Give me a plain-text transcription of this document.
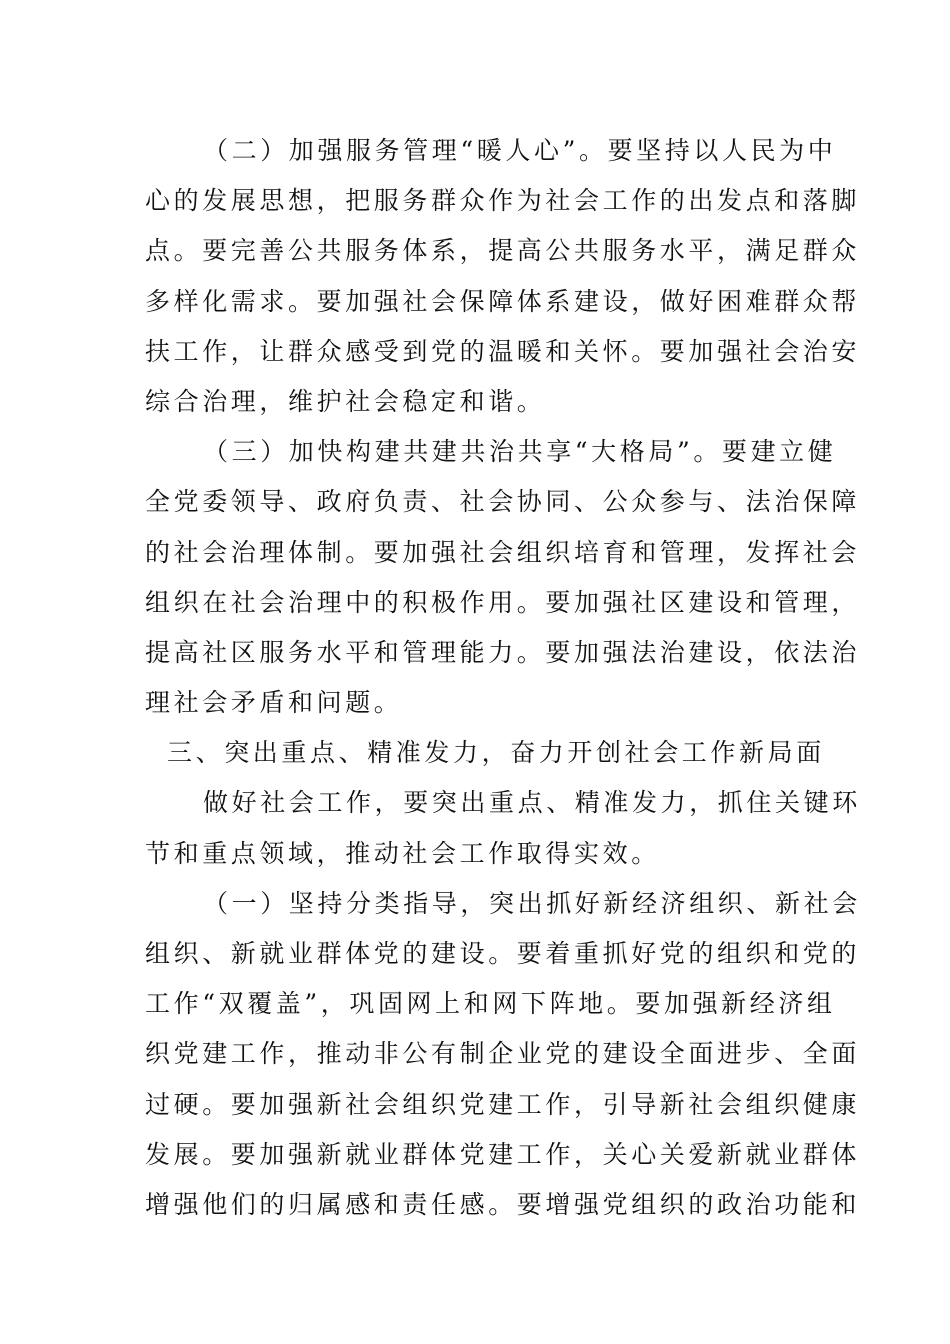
（二）加强服务管理“暖人心”。要坚持以人民为中
心的发展思想，把服务群众作为社会工作的出发点和落脚
点。要完善公共服务体系，提高公共服务水平，满足群众
多样化需求。要加强社会保障体系建设，做好困难群众帮
扶工作，让群众感受到党的温暖和关怀。要加强社会治安
综合治理，维护社会稳定和谐。
（三）加快构建共建共治共享“大格局”。要建立健
全党委领导、政府负责、社会协同、公众参与、法治保障
的社会治理体制。要加强社会组织培育和管理，发挥社会
组织在社会治理中的积极作用。要加强社区建设和管理，
提高社区服务水平和管理能力。要加强法治建设，依法治
理社会矛盾和问题。
三、突出重点、精准发力，奋力开创社会工作新局面
做好社会工作，要突出重点、精准发力，抓住关键环
节和重点领域，推动社会工作取得实效。
（一）坚持分类指导，突出抓好新经济组织、新社会
组织、新就业群体党的建设。要着重抓好党的组织和党的
工作“双覆盖”，巩固网上和网下阵地。要加强新经济组
织党建工作，推动非公有制企业党的建设全面进步、全面
过硬。要加强新社会组织党建工作，引导新社会组织健康
发展。要加强新就业群体党建工作，关心关爱新就业群体
增强他们的归属感和责任感。要增强党组织的政治功能和
